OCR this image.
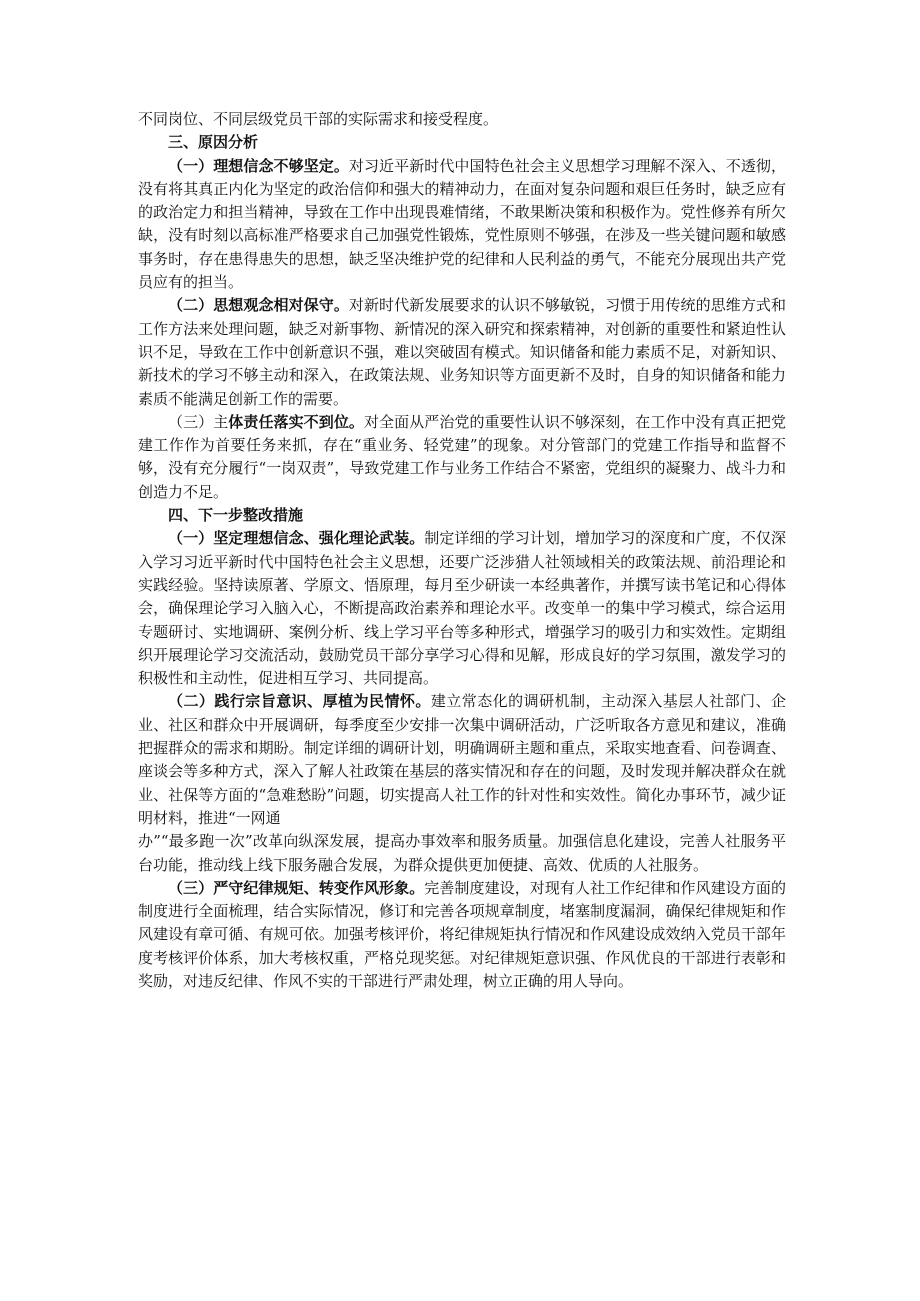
不同岗位、不同层级党员干部的实际需求和接受程度。

三、原因分析

（一）理想信念不够坚定。对习近平新时代中国特色社会主义思想学习理解不深入、不透彻，没有将其真正内化为坚定的政治信仰和强大的精神动力，在面对复杂问题和艰巨任务时，缺乏应有的政治定力和担当精神，导致在工作中出现畏难情绪，不敢果断决策和积极作为。党性修养有所欠缺，没有时刻以高标准严格要求自己加强党性锻炼，党性原则不够强，在涉及一些关键问题和敏感事务时，存在患得患失的思想，缺乏坚决维护党的纪律和人民利益的勇气，不能充分展现出共产党员应有的担当。

（二）思想观念相对保守。对新时代新发展要求的认识不够敏锐，习惯于用传统的思维方式和工作方法来处理问题，缺乏对新事物、新情况的深入研究和探索精神，对创新的重要性和紧迫性认识不足，导致在工作中创新意识不强，难以突破固有模式。知识储备和能力素质不足，对新知识、新技术的学习不够主动和深入，在政策法规、业务知识等方面更新不及时，自身的知识储备和能力素质不能满足创新工作的需要。

（三）主体责任落实不到位。对全面从严治党的重要性认识不够深刻，在工作中没有真正把党建工作作为首要任务来抓，存在“重业务、轻党建”的现象。对分管部门的党建工作指导和监督不够，没有充分履行“一岗双责”，导致党建工作与业务工作结合不紧密，党组织的凝聚力、战斗力和创造力不足。

四、下一步整改措施

（一）坚定理想信念、强化理论武装。制定详细的学习计划，增加学习的深度和广度，不仅深入学习习近平新时代中国特色社会主义思想，还要广泛涉猎人社领域相关的政策法规、前沿理论和实践经验。坚持读原著、学原文、悟原理，每月至少研读一本经典著作，并撰写读书笔记和心得体会，确保理论学习入脑入心，不断提高政治素养和理论水平。改变单一的集中学习模式，综合运用专题研讨、实地调研、案例分析、线上学习平台等多种形式，增强学习的吸引力和实效性。定期组织开展理论学习交流活动，鼓励党员干部分享学习心得和见解，形成良好的学习氛围，激发学习的积极性和主动性，促进相互学习、共同提高。

（二）践行宗旨意识、厚植为民情怀。建立常态化的调研机制，主动深入基层人社部门、企业、社区和群众中开展调研，每季度至少安排一次集中调研活动，广泛听取各方意见和建议，准确把握群众的需求和期盼。制定详细的调研计划，明确调研主题和重点，采取实地查看、问卷调查、座谈会等多种方式，深入了解人社政策在基层的落实情况和存在的问题，及时发现并解决群众在就业、社保等方面的“急难愁盼”问题，切实提高人社工作的针对性和实效性。简化办事环节，减少证明材料，推进“一网通
办”“最多跑一次”改革向纵深发展，提高办事效率和服务质量。加强信息化建设，完善人社服务平台功能，推动线上线下服务融合发展，为群众提供更加便捷、高效、优质的人社服务。

（三）严守纪律规矩、转变作风形象。完善制度建设，对现有人社工作纪律和作风建设方面的制度进行全面梳理，结合实际情况，修订和完善各项规章制度，堵塞制度漏洞，确保纪律规矩和作风建设有章可循、有规可依。加强考核评价，将纪律规矩执行情况和作风建设成效纳入党员干部年度考核评价体系，加大考核权重，严格兑现奖惩。对纪律规矩意识强、作风优良的干部进行表彰和奖励，对违反纪律、作风不实的干部进行严肃处理，树立正确的用人导向。
